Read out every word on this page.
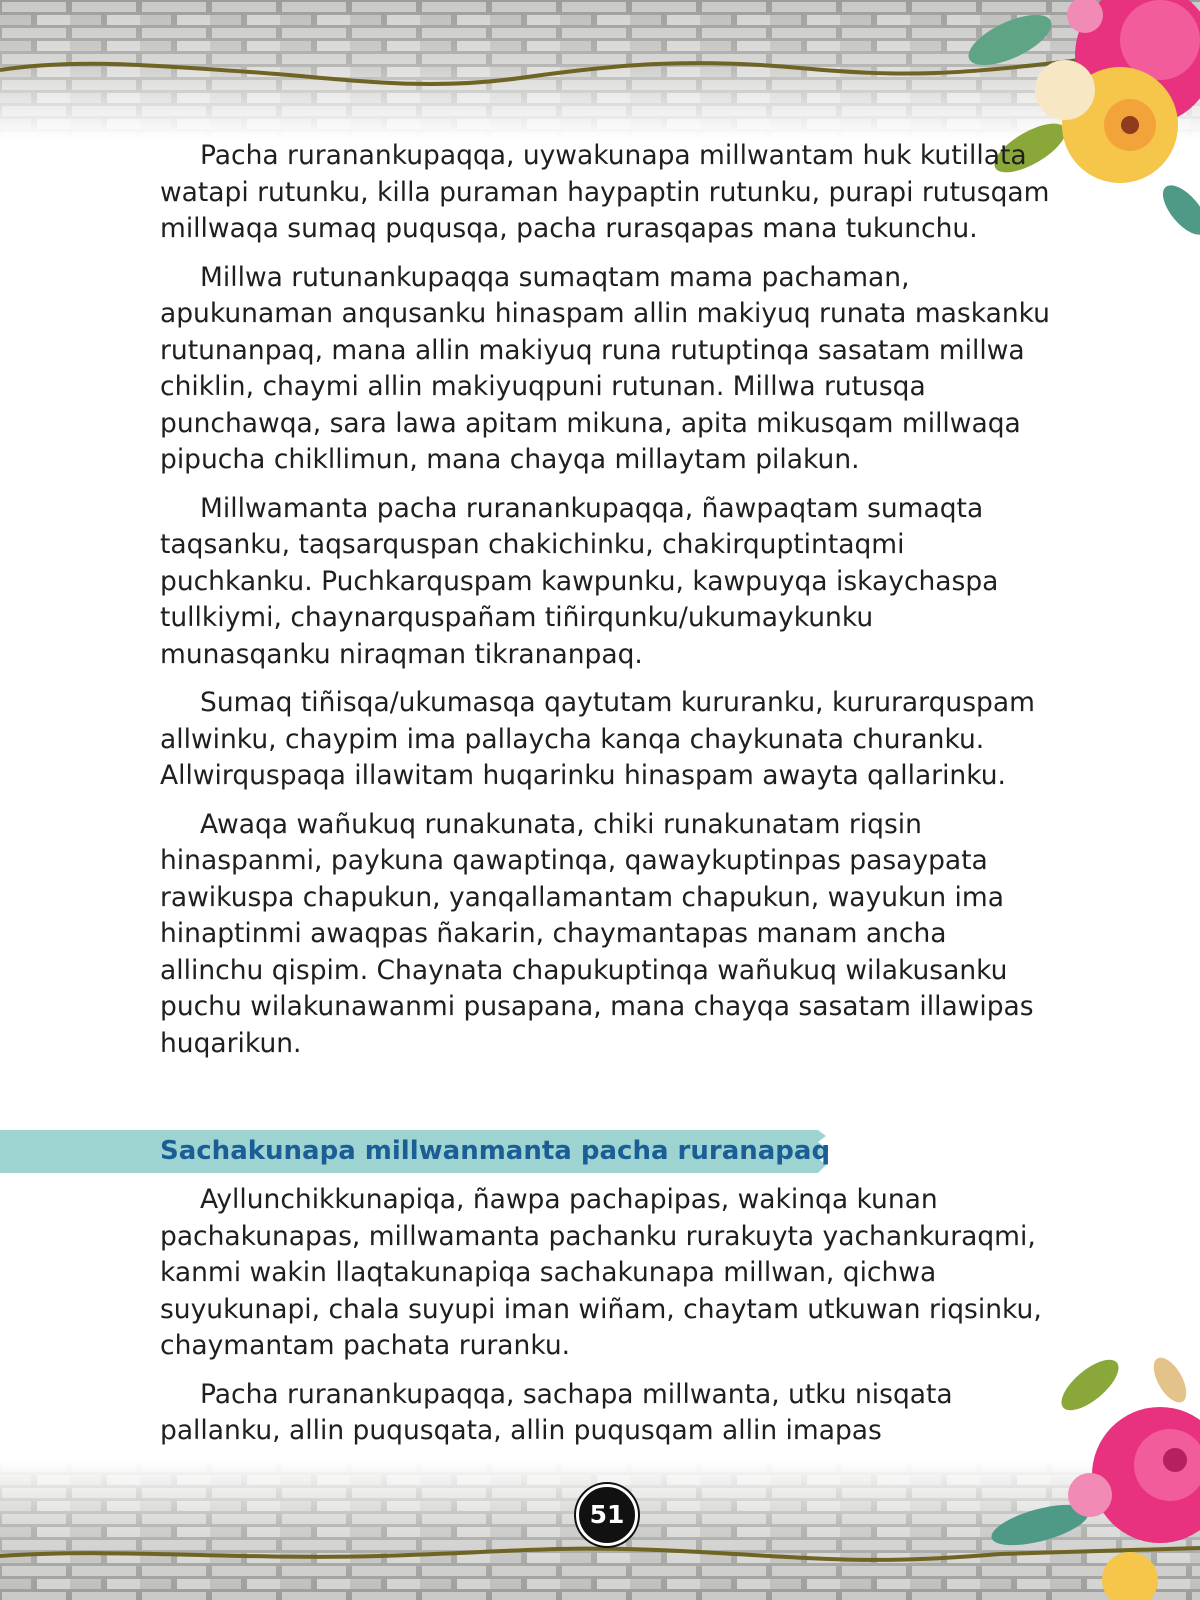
Pacha ruranankupaqqa, uywakunapa millwantam huk kutillata watapi rutunku, killa puraman haypaptin rutunku, purapi rutusqam millwaqa sumaq puqusqa, pacha rurasqapas mana tukunchu.

Millwa rutunankupaqqa sumaqtam mama pachaman, apukunaman anqusanku hinaspam allin makiyuq runata maskanku rutunanpaq, mana allin makiyuq runa rutuptinqa sasatam millwa chiklin, chaymi allin makiyuqpuni rutunan. Millwa rutusqa punchawqa, sara lawa apitam mikuna, apita mikusqam millwaqa pipucha chikllimun, mana chayqa millaytam pilakun.

Millwamanta pacha ruranankupaqqa, ñawpaqtam sumaqta taqsanku, taqsarquspan chakichinku, chakirquptintaqmi puchkanku. Puchkarquspam kawpunku, kawpuyqa iskaychaspa tullkiymi, chaynarquspañam tiñirqunku/ukumaykunku munasqanku niraqman tikrananpaq.

Sumaq tiñisqa/ukumasqa qaytutam kururanku, kururarquspam allwinku, chaypim ima pallaycha kanqa chaykunata churanku. Allwirquspaqa illawitam huqarinku hinaspam awayta qallarinku.

Awaqa wañukuq runakunata, chiki runakunatam riqsin hinaspanmi, paykuna qawaptinqa, qawaykuptinpas pasaypata rawikuspa chapukun, yanqallamantam chapukun, wayukun ima hinaptinmi awaqpas ñakarin, chaymantapas manam ancha allinchu qispim. Chaynata chapukuptinqa wañukuq wilakusanku puchu wilakunawanmi pusapana, mana chayqa sasatam illawipas huqarikun.

Sachakunapa millwanmanta pacha ruranapaq

Ayllunchikkunapiqa, ñawpa pachapipas, wakinqa kunan pachakunapas, millwamanta pachanku rurakuyta yachankuraqmi, kanmi wakin llaqtakunapiqa sachakunapa millwan, qichwa suyukunapi, chala suyupi iman wiñam, chaytam utkuwan riqsinku, chaymantam pachata ruranku.

Pacha ruranankupaqqa, sachapa millwanta, utku nisqata pallanku, allin puqusqata, allin puqusqam allin imapas

51
